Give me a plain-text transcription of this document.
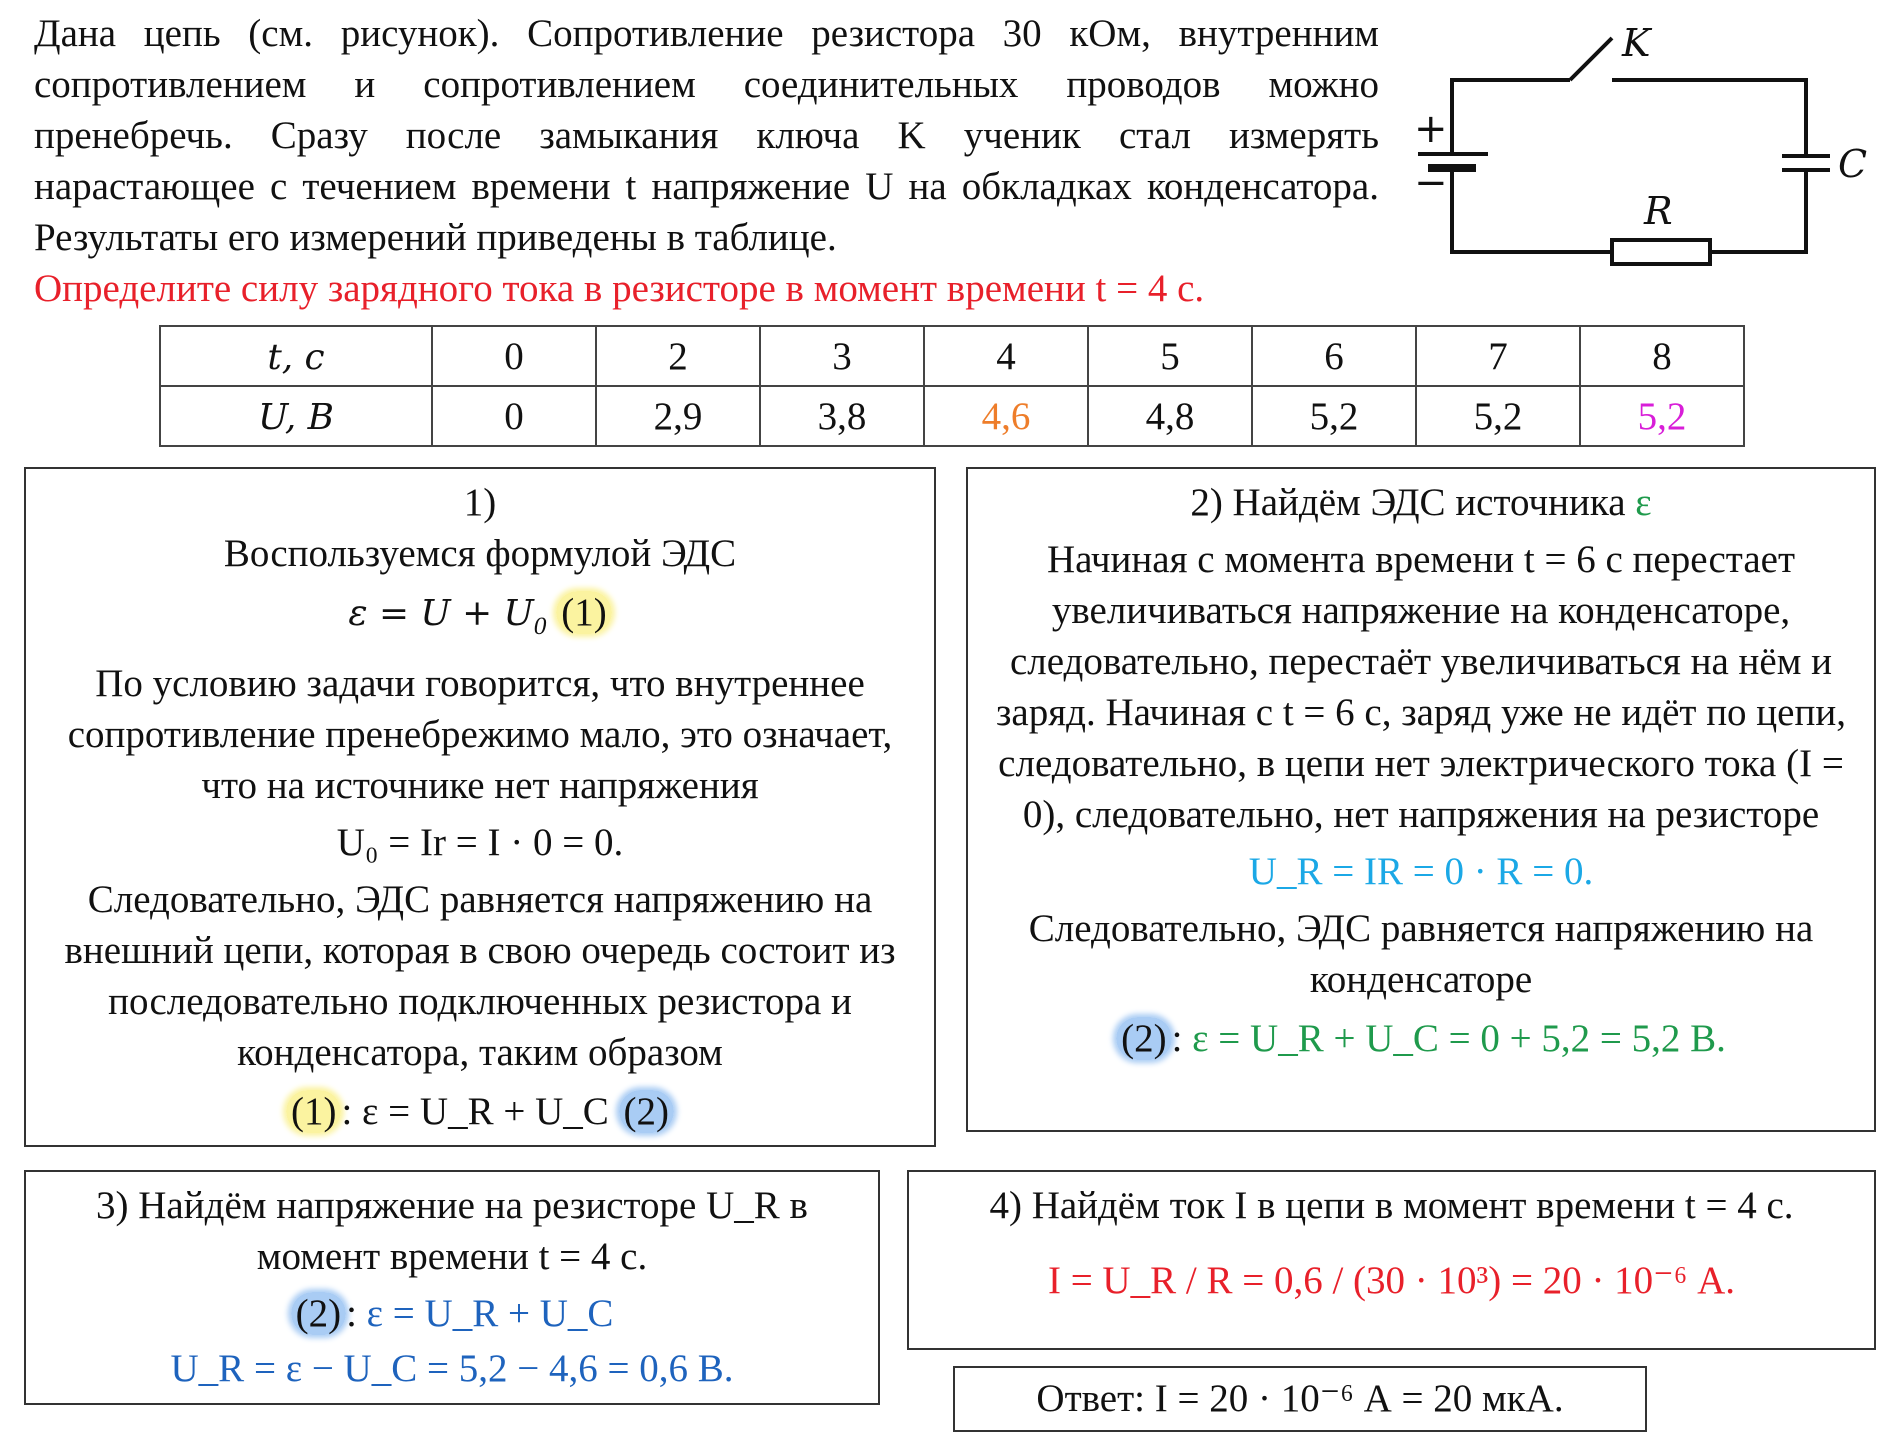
Дана цепь (см. рисунок). Сопротивление резистора 30 кОм, внутренним сопротивлением и сопротивлением соединительных проводов можно пренебречь. Сразу после замыкания ключа K ученик стал измерять нарастающее с течением времени t напряжение U на обкладках конденсатора. Результаты его измерений приведены в таблице.
Определите силу зарядного тока в резисторе в момент времени t = 4 с.
+
−
K
C
R
t, с	0	2	3	4	5	6	7	8
U, В	0	2,9	3,8	4,6	4,8	5,2	5,2	5,2

1)

Воспользуемся формулой ЭДС

$\varepsilon = U + U_0$ (1)

По условию задачи говорится, что внутреннее сопротивление пренебрежимо мало, это означает, что на источнике нет напряжения

U₀ = Ir = I · 0 = 0.

Следовательно, ЭДС равняется напряжению на внешний цепи, которая в свою очередь состоит из последовательно подключенных резистора и конденсатора, таким образом

(1) : ε = U_R + U_C (2)

2) Найдём ЭДС источника ε

Начиная с момента времени t = 6 с перестает увеличиваться напряжение на конденсаторе, следовательно, перестаёт увеличиваться на нём и заряд. Начиная с t = 6 с, заряд уже не идёт по цепи, следовательно, в цепи нет электрического тока (I = 0), следовательно, нет напряжения на резисторе

U_R = IR = 0 · R = 0.

Следовательно, ЭДС равняется напряжению на конденсаторе

(2) : ε = U_R + U_C = 0 + 5,2 = 5,2 В.

3) Найдём напряжение на резисторе U_R в момент времени t = 4 с.

(2) : ε = U_R + U_C

U_R = ε − U_C = 5,2 − 4,6 = 0,6 В.

4) Найдём ток I в цепи в момент времени t = 4 с.

I = U_R / R = 0,6 / (30 · 10³) = 20 · 10⁻⁶ А.

Ответ: I = 20 · 10⁻⁶ А = 20 мкА.
